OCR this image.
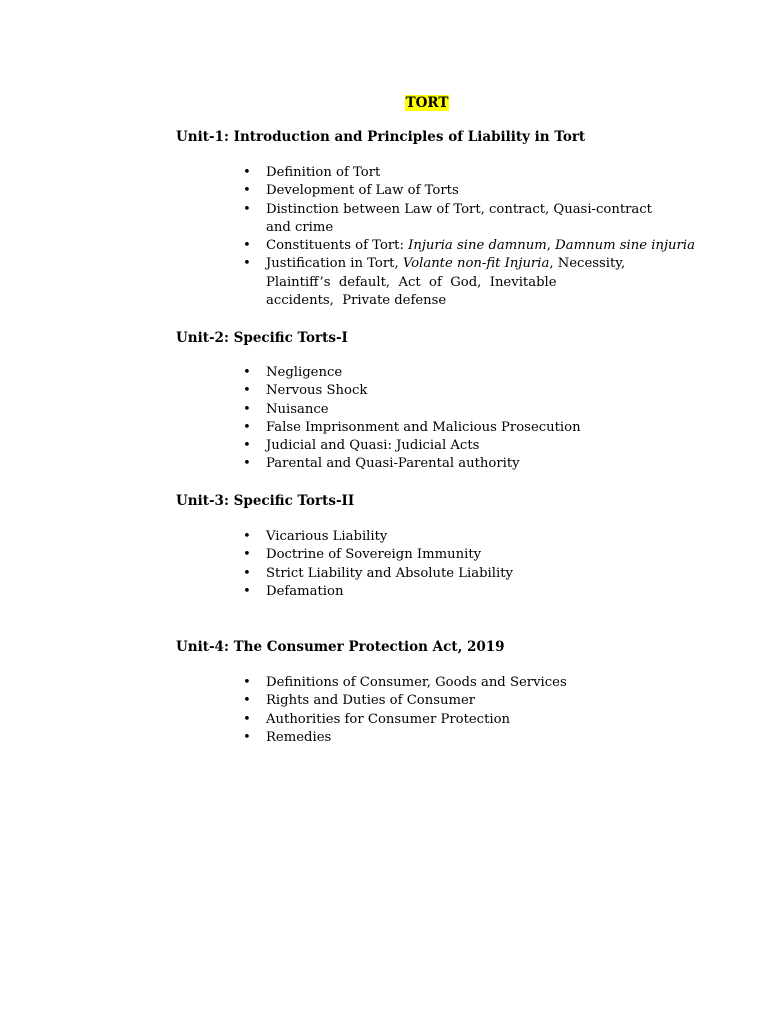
TORT
Unit-1: Introduction and Principles of Liability in Tort
• Definition of Tort
• Development of Law of Torts
• Distinction between Law of Tort, contract, Quasi-contract and crime
• Constituents of Tort: Injuria sine damnum, Damnum sine injuria
• Justification in Tort, Volante non-fit Injuria, Necessity,
Plaintiff’s  default,  Act  of  God,  Inevitable
accidents,  Private defense
Unit-2: Specific Torts-I
• Negligence
• Nervous Shock
• Nuisance
• False Imprisonment and Malicious Prosecution
• Judicial and Quasi: Judicial Acts
• Parental and Quasi-Parental authority
Unit-3: Specific Torts-II
• Vicarious Liability
• Doctrine of Sovereign Immunity
• Strict Liability and Absolute Liability
• Defamation
Unit-4: The Consumer Protection Act, 2019
• Definitions of Consumer, Goods and Services
• Rights and Duties of Consumer
• Authorities for Consumer Protection
• Remedies
